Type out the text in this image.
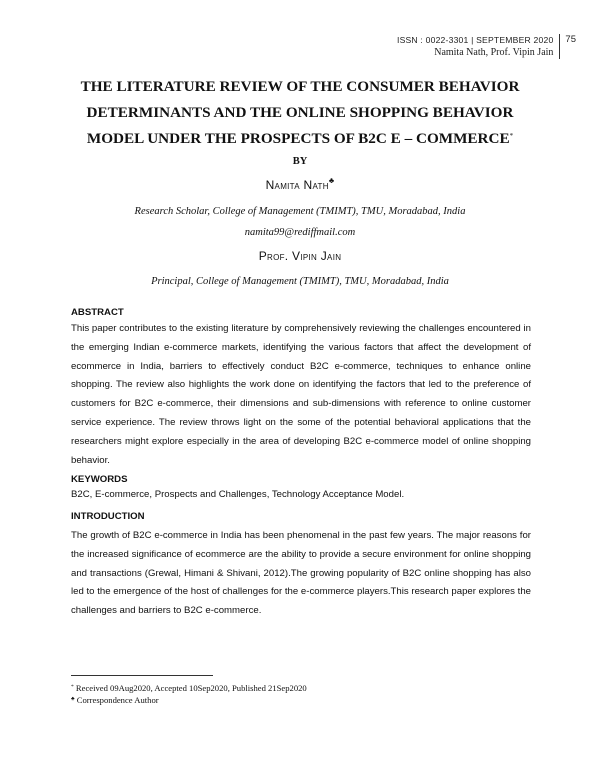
ISSN : 0022-3301 | SEPTEMBER 2020
Namita Nath, Prof. Vipin Jain
75
THE LITERATURE REVIEW OF THE CONSUMER BEHAVIOR
DETERMINANTS AND THE ONLINE SHOPPING BEHAVIOR
MODEL UNDER THE PROSPECTS OF B2C E – COMMERCE*
BY
Namita Nath♣
Research Scholar, College of Management (TMIMT), TMU, Moradabad, India
namita99@rediffmail.com
Prof. Vipin Jain
Principal, College of Management (TMIMT), TMU, Moradabad, India
ABSTRACT

This paper contributes to the existing literature by comprehensively reviewing the challenges encountered in the emerging Indian e-commerce markets, identifying the various factors that affect the development of ecommerce in India, barriers to effectively conduct B2C e-commerce, techniques to enhance online shopping. The review also highlights the work done on identifying the factors that led to the preference of customers for B2C e-commerce, their dimensions and sub-dimensions with reference to online customer service experience. The review throws light on the some of the potential behavioral applications that the researchers might explore especially in the area of developing B2C e-commerce model of online shopping behavior.

KEYWORDS

B2C, E-commerce, Prospects and Challenges, Technology Acceptance Model.

INTRODUCTION

The growth of B2C e-commerce in India has been phenomenal in the past few years. The major reasons for the increased significance of ecommerce are the ability to provide a secure environment for online shopping and transactions (Grewal, Himani & Shivani, 2012).The growing popularity of B2C online shopping has also led to the emergence of the host of challenges for the e-commerce players.This research paper explores the challenges and barriers to B2C e-commerce.

* Received 09Aug2020, Accepted 10Sep2020, Published 21Sep2020
♣ Correspondence Author
